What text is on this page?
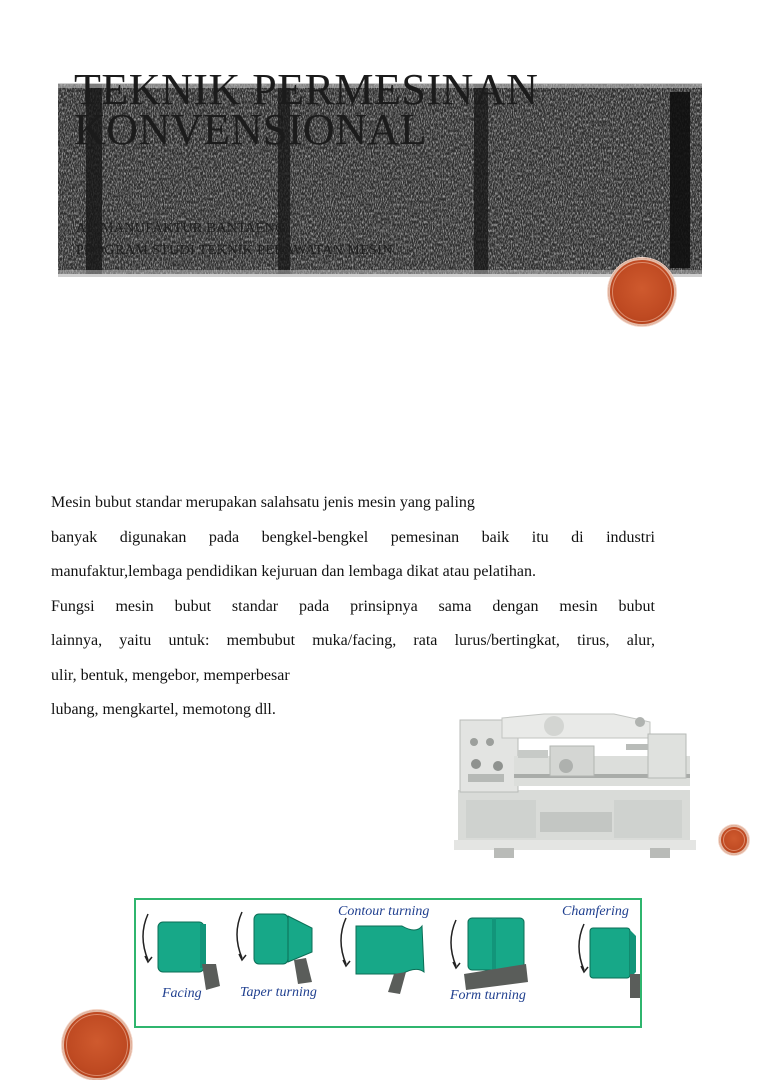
TEKNIK PERMESINAN
KONVENSIONAL
AK MANUFAKTUR BANTAENG
PROGRAM STUDI TEKNIK PERAWATAN MESIN

Mesin bubut standar merupakan salahsatu jenis mesin yang paling

banyak digunakan pada bengkel-bengkel pemesinan baik itu di industri

manufaktur,lembaga pendidikan kejuruan dan lembaga dikat atau pelatihan.

Fungsi mesin bubut standar pada prinsipnya sama dengan mesin bubut

lainnya, yaitu untuk: membubut muka/facing, rata lurus/bertingkat, tirus, alur,

ulir, bentuk, mengebor, memperbesar

lubang, mengkartel, memotong dll.

Facing	Taper turning
Contour turning
Form turning
Chamfering
